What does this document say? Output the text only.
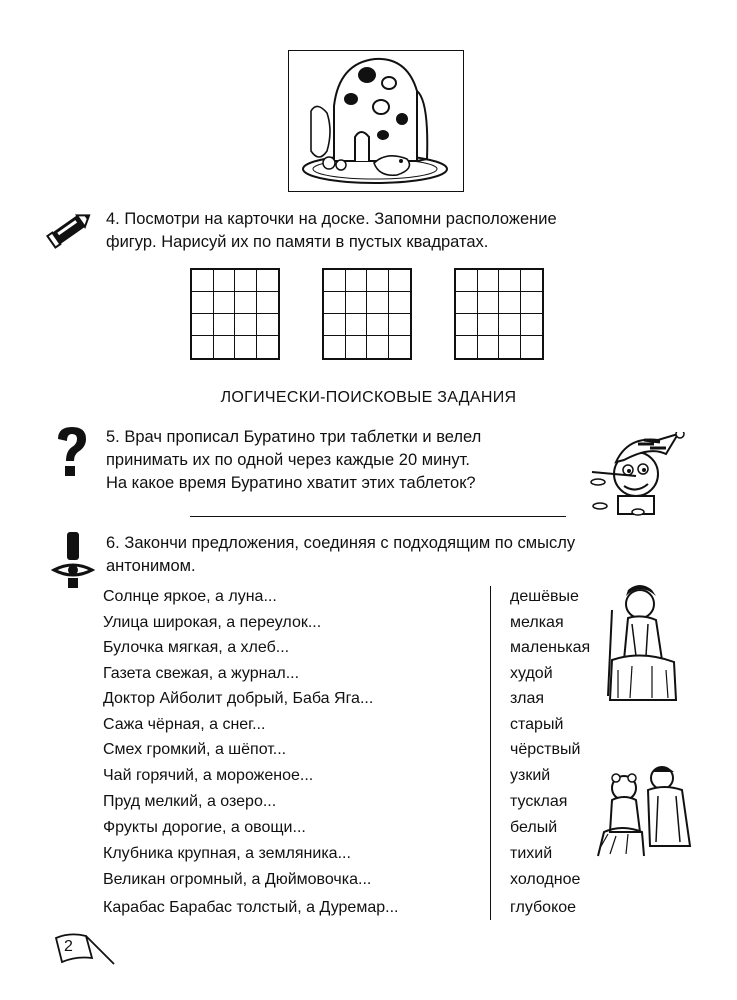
4. Посмотри на карточки на доске. Запомни расположение
фигур. Нарисуй их по памяти в пустых квадратах.
ЛОГИЧЕСКИ-ПОИСКОВЫЕ ЗАДАНИЯ
5. Врач прописал Буратино три таблетки и велел
принимать их по одной через каждые 20 минут.
На какое время Буратино хватит этих таблеток?
6. Закончи предложения, соединяя с подходящим по смыслу
антонимом.
Солнце яркое, а луна...
Улица широкая, а переулок...
Булочка мягкая, а хлеб...
Газета свежая, а журнал...
Доктор Айболит добрый, Баба Яга...
Сажа чёрная, а снег...
Смех громкий, а шёпот...
Чай горячий, а мороженое...
Пруд мелкий, а озеро...
Фрукты дорогие, а овощи...
Клубника крупная, а земляника...
Великан огромный, а Дюймовочка...
Карабас Барабас толстый, а Дуремар...
дешёвые
мелкая
маленькая
худой
злая
старый
чёрствый
узкий
тусклая
белый
тихий
холодное
глубокое
2
